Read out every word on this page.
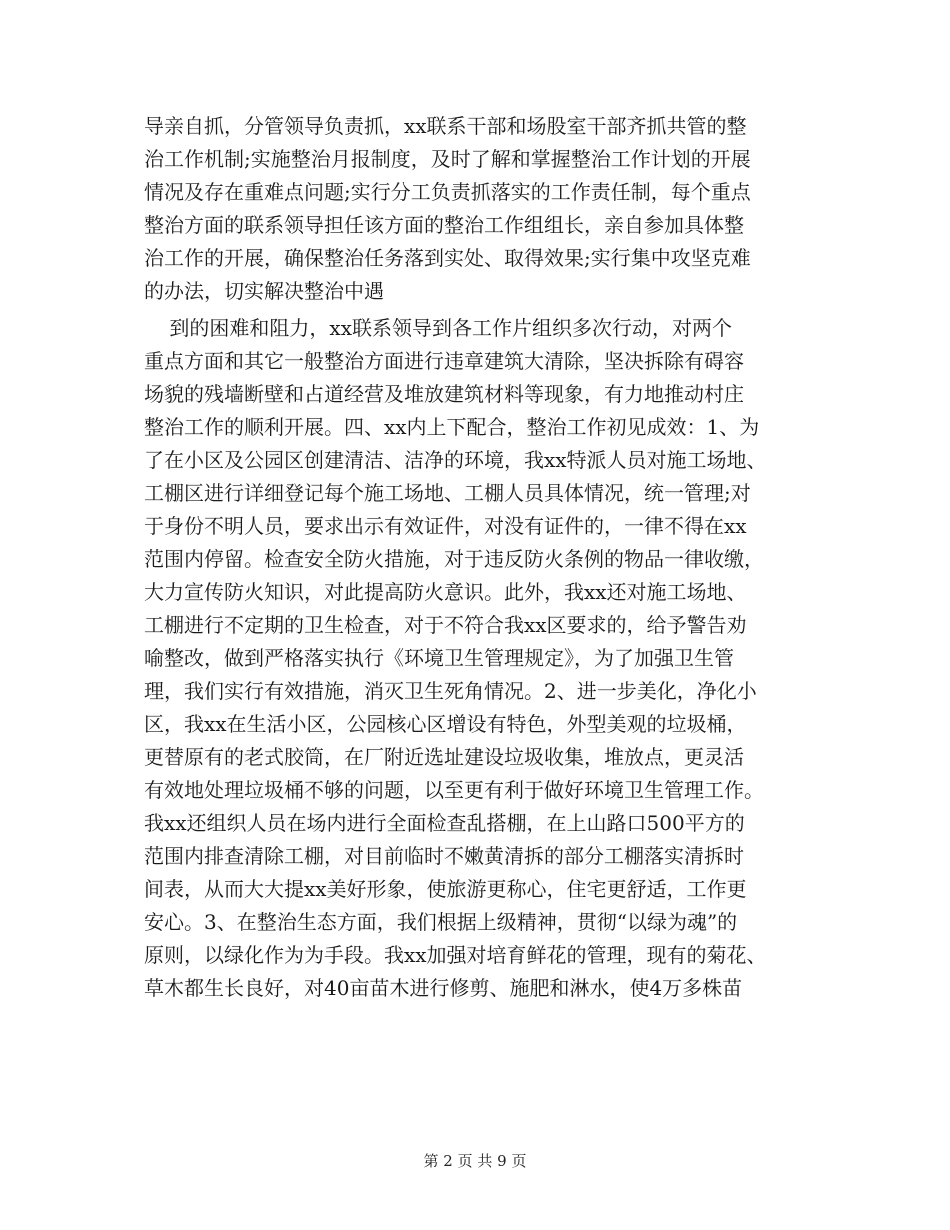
导亲自抓，分管领导负责抓，xx联系干部和场股室干部齐抓共管的整
治工作机制;实施整治月报制度，及时了解和掌握整治工作计划的开展
情况及存在重难点问题;实行分工负责抓落实的工作责任制，每个重点
整治方面的联系领导担任该方面的整治工作组组长，亲自参加具体整
治工作的开展，确保整治任务落到实处、取得效果;实行集中攻坚克难
的办法，切实解决整治中遇
到的困难和阻力，xx联系领导到各工作片组织多次行动，对两个
重点方面和其它一般整治方面进行违章建筑大清除，坚决拆除有碍容
场貌的残墙断壁和占道经营及堆放建筑材料等现象，有力地推动村庄
整治工作的顺利开展。四、xx内上下配合，整治工作初见成效：1、为
了在小区及公园区创建清洁、洁净的环境，我xx特派人员对施工场地、
工棚区进行详细登记每个施工场地、工棚人员具体情况，统一管理;对
于身份不明人员，要求出示有效证件，对没有证件的，一律不得在xx
范围内停留。检查安全防火措施，对于违反防火条例的物品一律收缴，
大力宣传防火知识，对此提高防火意识。此外，我xx还对施工场地、
工棚进行不定期的卫生检查，对于不符合我xx区要求的，给予警告劝
喻整改，做到严格落实执行《环境卫生管理规定》，为了加强卫生管
理，我们实行有效措施，消灭卫生死角情况。2、进一步美化，净化小
区，我xx在生活小区，公园核心区增设有特色，外型美观的垃圾桶，
更替原有的老式胶筒，在厂附近选址建设垃圾收集，堆放点，更灵活
有效地处理垃圾桶不够的问题，以至更有利于做好环境卫生管理工作。
我xx还组织人员在场内进行全面检查乱搭棚，在上山路口500平方的
范围内排查清除工棚，对目前临时不嫩黄清拆的部分工棚落实清拆时
间表，从而大大提xx美好形象，使旅游更称心，住宅更舒适，工作更
安心。3、在整治生态方面，我们根据上级精神，贯彻“以绿为魂”的
原则，以绿化作为为手段。我xx加强对培育鲜花的管理，现有的菊花、
草木都生长良好，对40亩苗木进行修剪、施肥和淋水，使4万多株苗
第 2 页 共 9 页
